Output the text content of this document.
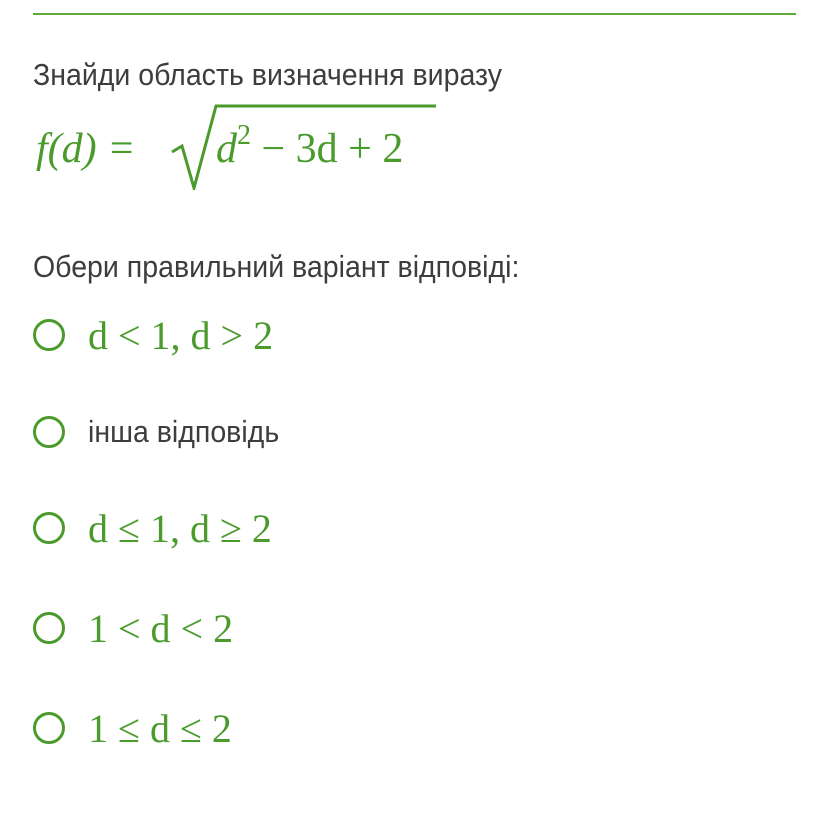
Знайди область визначення виразу
$f(d) = d^2 - 3d + 2$
Обери правильний варіант відповіді:
d < 1, d > 2
інша відповідь
d ≤ 1, d ≥ 2
1 < d < 2
1 ≤ d ≤ 2
